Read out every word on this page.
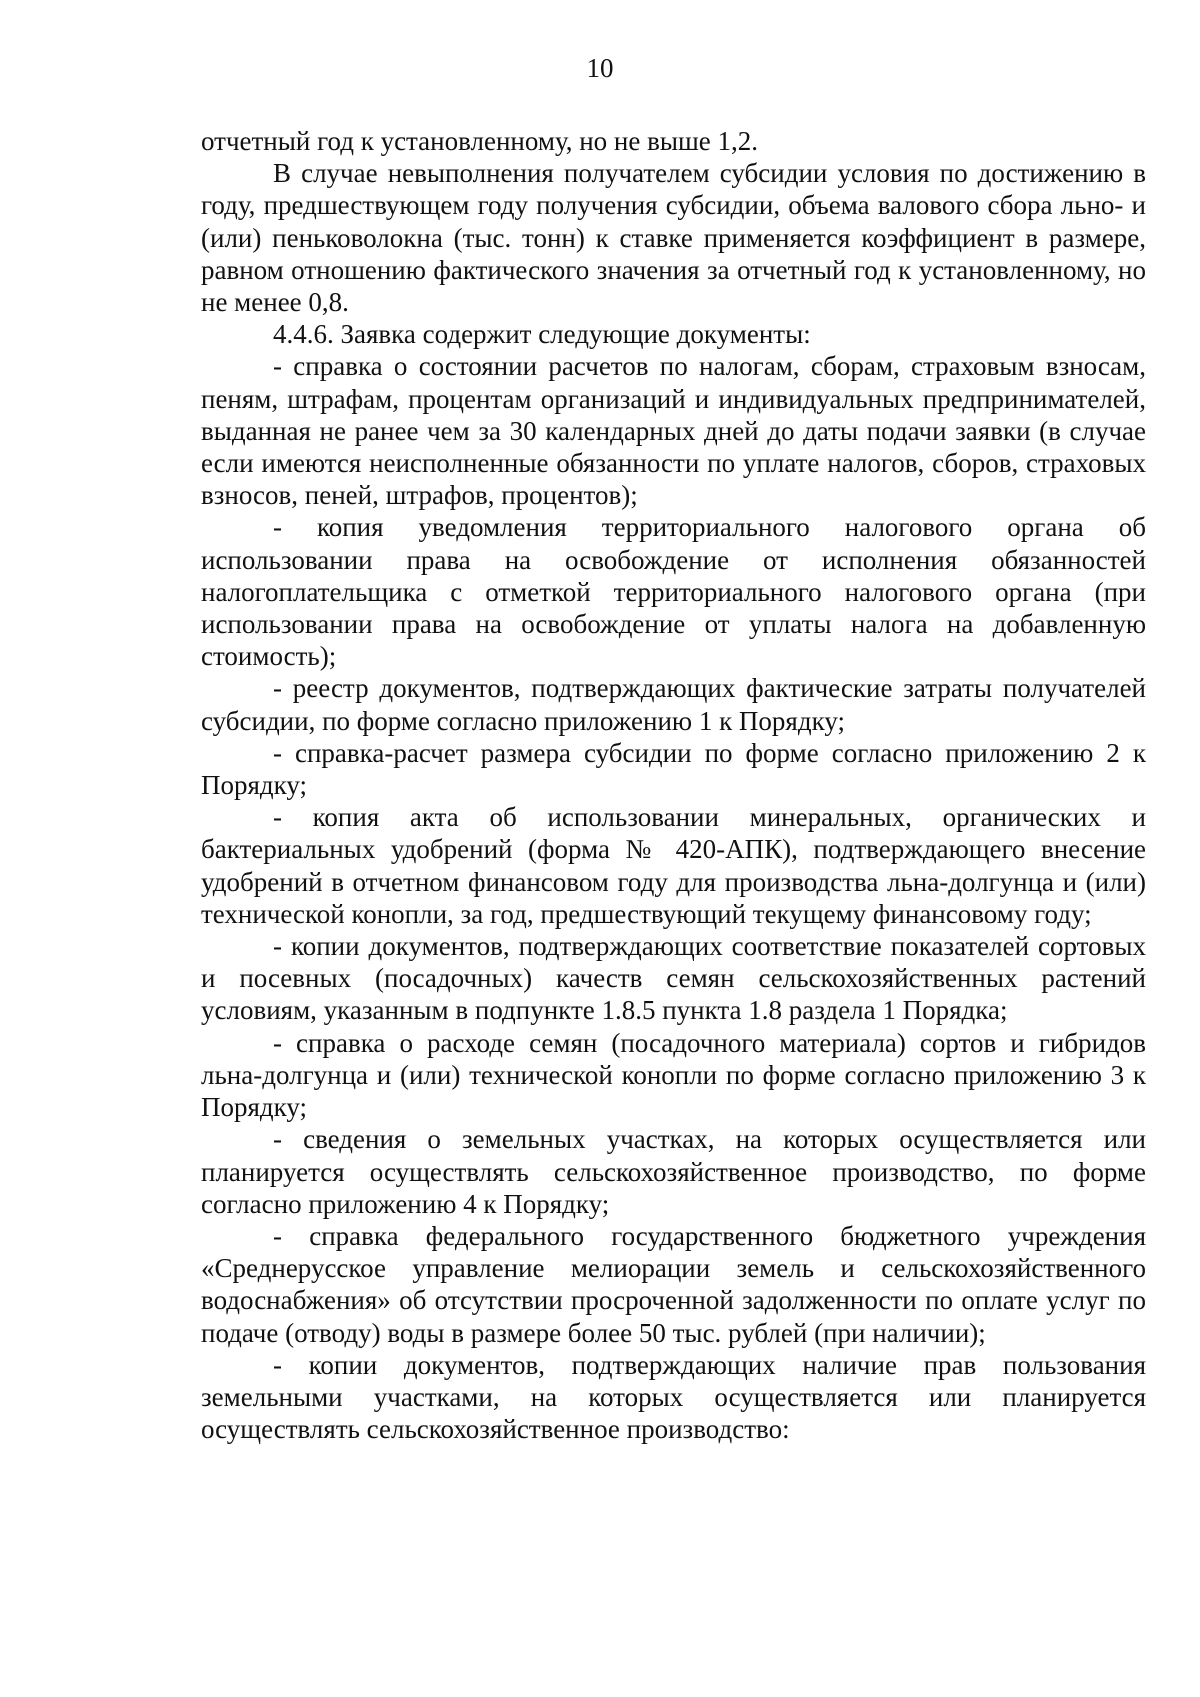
10

отчетный год к установленному, но не выше 1,2.

В случае невыполнения получателем субсидии условия по достижению в году, предшествующем году получения субсидии, объема валового сбора льно- и (или) пеньковолокна (тыс. тонн) к ставке применяется коэффициент в размере, равном отношению фактического значения за отчетный год к установленному, но не менее 0,8.

4.4.6. Заявка содержит следующие документы:

- справка о состоянии расчетов по налогам, сборам, страховым взносам, пеням, штрафам, процентам организаций и индивидуальных предпринимателей, выданная не ранее чем за 30 календарных дней до даты подачи заявки (в случае если имеются неисполненные обязанности по уплате налогов, сборов, страховых взносов, пеней, штрафов, процентов);

- копия уведомления территориального налогового органа об использовании права на освобождение от исполнения обязанностей налогоплательщика с отметкой территориального налогового органа (при использовании права на освобождение от уплаты налога на добавленную стоимость);

- реестр документов, подтверждающих фактические затраты получателей субсидии, по форме согласно приложению 1 к Порядку;

- справка-расчет размера субсидии по форме согласно приложению 2 к Порядку;

- копия акта об использовании минеральных, органических и бактериальных удобрений (форма № 420-АПК), подтверждающего внесение удобрений в отчетном финансовом году для производства льна-долгунца и (или) технической конопли, за год, предшествующий текущему финансовому году;

- копии документов, подтверждающих соответствие показателей сортовых и посевных (посадочных) качеств семян сельскохозяйственных растений условиям, указанным в подпункте 1.8.5 пункта 1.8 раздела 1 Порядка;

- справка о расходе семян (посадочного материала) сортов и гибридов льна-долгунца и (или) технической конопли по форме согласно приложению 3 к Порядку;

- сведения о земельных участках, на которых осуществляется или планируется осуществлять сельскохозяйственное производство, по форме согласно приложению 4 к Порядку;

- справка федерального государственного бюджетного учреждения «Среднерусское управление мелиорации земель и сельскохозяйственного водоснабжения» об отсутствии просроченной задолженности по оплате услуг по подаче (отводу) воды в размере более 50 тыс. рублей (при наличии);

- копии документов, подтверждающих наличие прав пользования земельными участками, на которых осуществляется или планируется осуществлять сельскохозяйственное производство:
